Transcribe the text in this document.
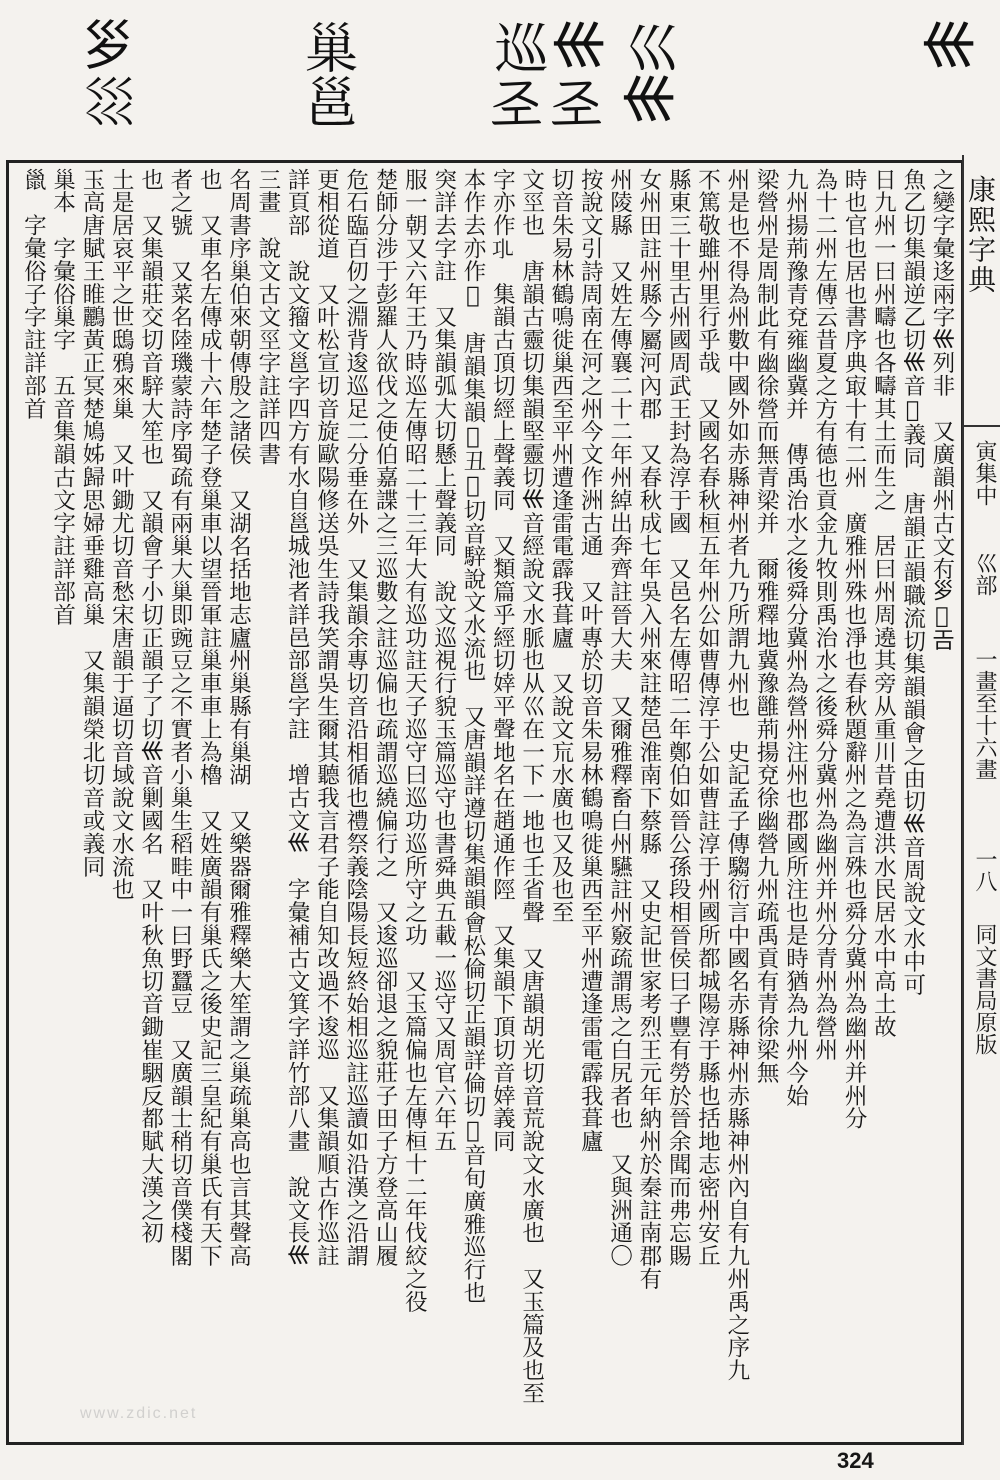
𡿧
巛𡿧
𡿧𢀖
巡𢀖
巢邕
𡿪𡿭
之變字彙迻兩字𡿧列非　又廣韻州古文𠕇𡿪𢀚𢀛
魚乙切集韻逆乙切𡿧音𦶜義同　唐韻正韻職流切集韻韻會之由切𡿧音周說文水中可
日九州一曰州疇也各疇其土而生之　居曰州周遶其旁从重川昔堯遭洪水民居水中高土故
時也官也居也書序典㝡十有二州　廣雅州殊也淨也春秋題辭州之為言殊也舜分冀州為幽州并州分
為十二州左傳云昔夏之方有德也貢金九牧則禹治水之後舜分冀州為幽州并州分青州為營州
九州揚荊豫青兗雍幽冀并　傳禹治水之後舜分冀州為營州注州也郡國所注也是時猶為九州今始
梁營州是周制此有幽徐營而無青梁并　爾雅釋地冀豫雝荊揚兗徐幽營九州疏禹貢有青徐梁無
州是也不得為州數中國外如赤縣神州者九乃所謂九州也　史記孟子傳騶衍言中國名赤縣神州赤縣神州內自有九州禹之序九
不篤敬雖州里行乎哉　又國名春秋桓五年州公如曹傳淳于公如曹註淳于州國所都城陽淳于縣也括地志密州安丘
縣東三十里古州國周武王封為淳于國　又邑名左傳昭二年鄭伯如晉公孫段相晉侯曰子豐有勞於晉余聞而弗忘賜
女州田註州縣今屬河內郡　又春秋成七年吳入州來註楚邑淮南下蔡縣　又史記世家考烈王元年納州於秦註南郡有
州陵縣　又姓左傳襄二十二年州綽出奔齊註晉大夫　又爾雅釋畜白州驠註州竅疏謂馬之白尻者也　又與洲通〇
按說文引詩周南在河之州今文作洲古通　又叶專於切音朱易林鶴鳴徙巢西至平州遭逢雷電霹我葺廬
切音朱易林鶴鳴徙巢西至平州遭逢雷電霹我葺廬　又說文巟水廣也又及也至
文巠也　唐韻古靈切集韻堅靈切𡿧音經說文水脈也从巛在一下一地也壬省聲　又唐韻胡光切音荒說文水廣也　又玉篇及也至
字亦作𢀗　集韻古頂切經上聲義同　又類篇乎經切婞平聲地名在趙通作陘　又集韻下頂切音婞義同
本作去亦作𡿬　唐韻集韻𡿧丑𩀚切音騂說文水流也　又唐韻詳遵切集韻韻會松倫切正韻詳倫切𡿧音旬廣雅巡行也
突詳去字註　又集韻弧大切懸上聲義同　說文巡視行貌玉篇巡守也書舜典五載一巡守又周官六年五
服一朝又六年王乃時巡左傳昭二十三年大有巡功註天子巡守曰巡功巡所守之功　又玉篇偏也左傳桓十二年伐絞之役
楚師分涉于彭羅人欲伐之使伯嘉諜之三巡數之註巡偏也疏謂巡繞偏行之　又逡巡卻退之貌莊子田子方登高山履
危石臨百仞之淵背逡巡足二分垂在外　又集韻余專切音沿相循也禮祭義陰陽長短終始相巡註巡讀如沿漢之沿謂
更相從道　又叶松宣切音旋歐陽修送吳生詩我笑謂吳生爾其聽我言君子能自知改過不逡巡　又集韻順古作巡註
詳頁部　說文籀文邕字四方有水自邕城池者詳邑部邕字註　增古文𡿧　字彙補古文箕字詳竹部八畫　說文長𡿧
三畫　說文古文巠字註詳四書
名周書序巢伯來朝傳殷之諸侯　又湖名括地志廬州巢縣有巢湖　又樂器爾雅釋樂大笙謂之巢疏巢高也言其聲高
也　又車名左傳成十六年楚子登巢車以望晉軍註巢車車上為櫓　又姓廣韻有巢氏之後史記三皇紀有巢氏有天下
者之號　又菜名陸璣蒙詩序蜀疏有兩巢大巢即豌豆之不實者小巢生稻畦中一曰野蠶豆　又廣韻士稍切音僕棧閣
也　又集韻莊交切音騂大笙也　又韻會子小切正韻子了切𡿧音剿國名　又叶秋魚切音鋤崔駰反都賦大漢之初
土是居哀平之世鴟鴉來巢　又叶鋤尤切音愁宋唐韻于逼切音域說文水流也
玉高唐賦王睢鸝黃正冥楚鳩姊歸思婦垂雞高巢　又集韻榮北切音或義同
巢本　字彙俗巢字　五音集韻古文字註詳部首
巤　字彙俗子字註詳部首	康熙字典
寅集中
巛部
一畫至十六畫
一八
同文書局原版
www.zdic.net
324
